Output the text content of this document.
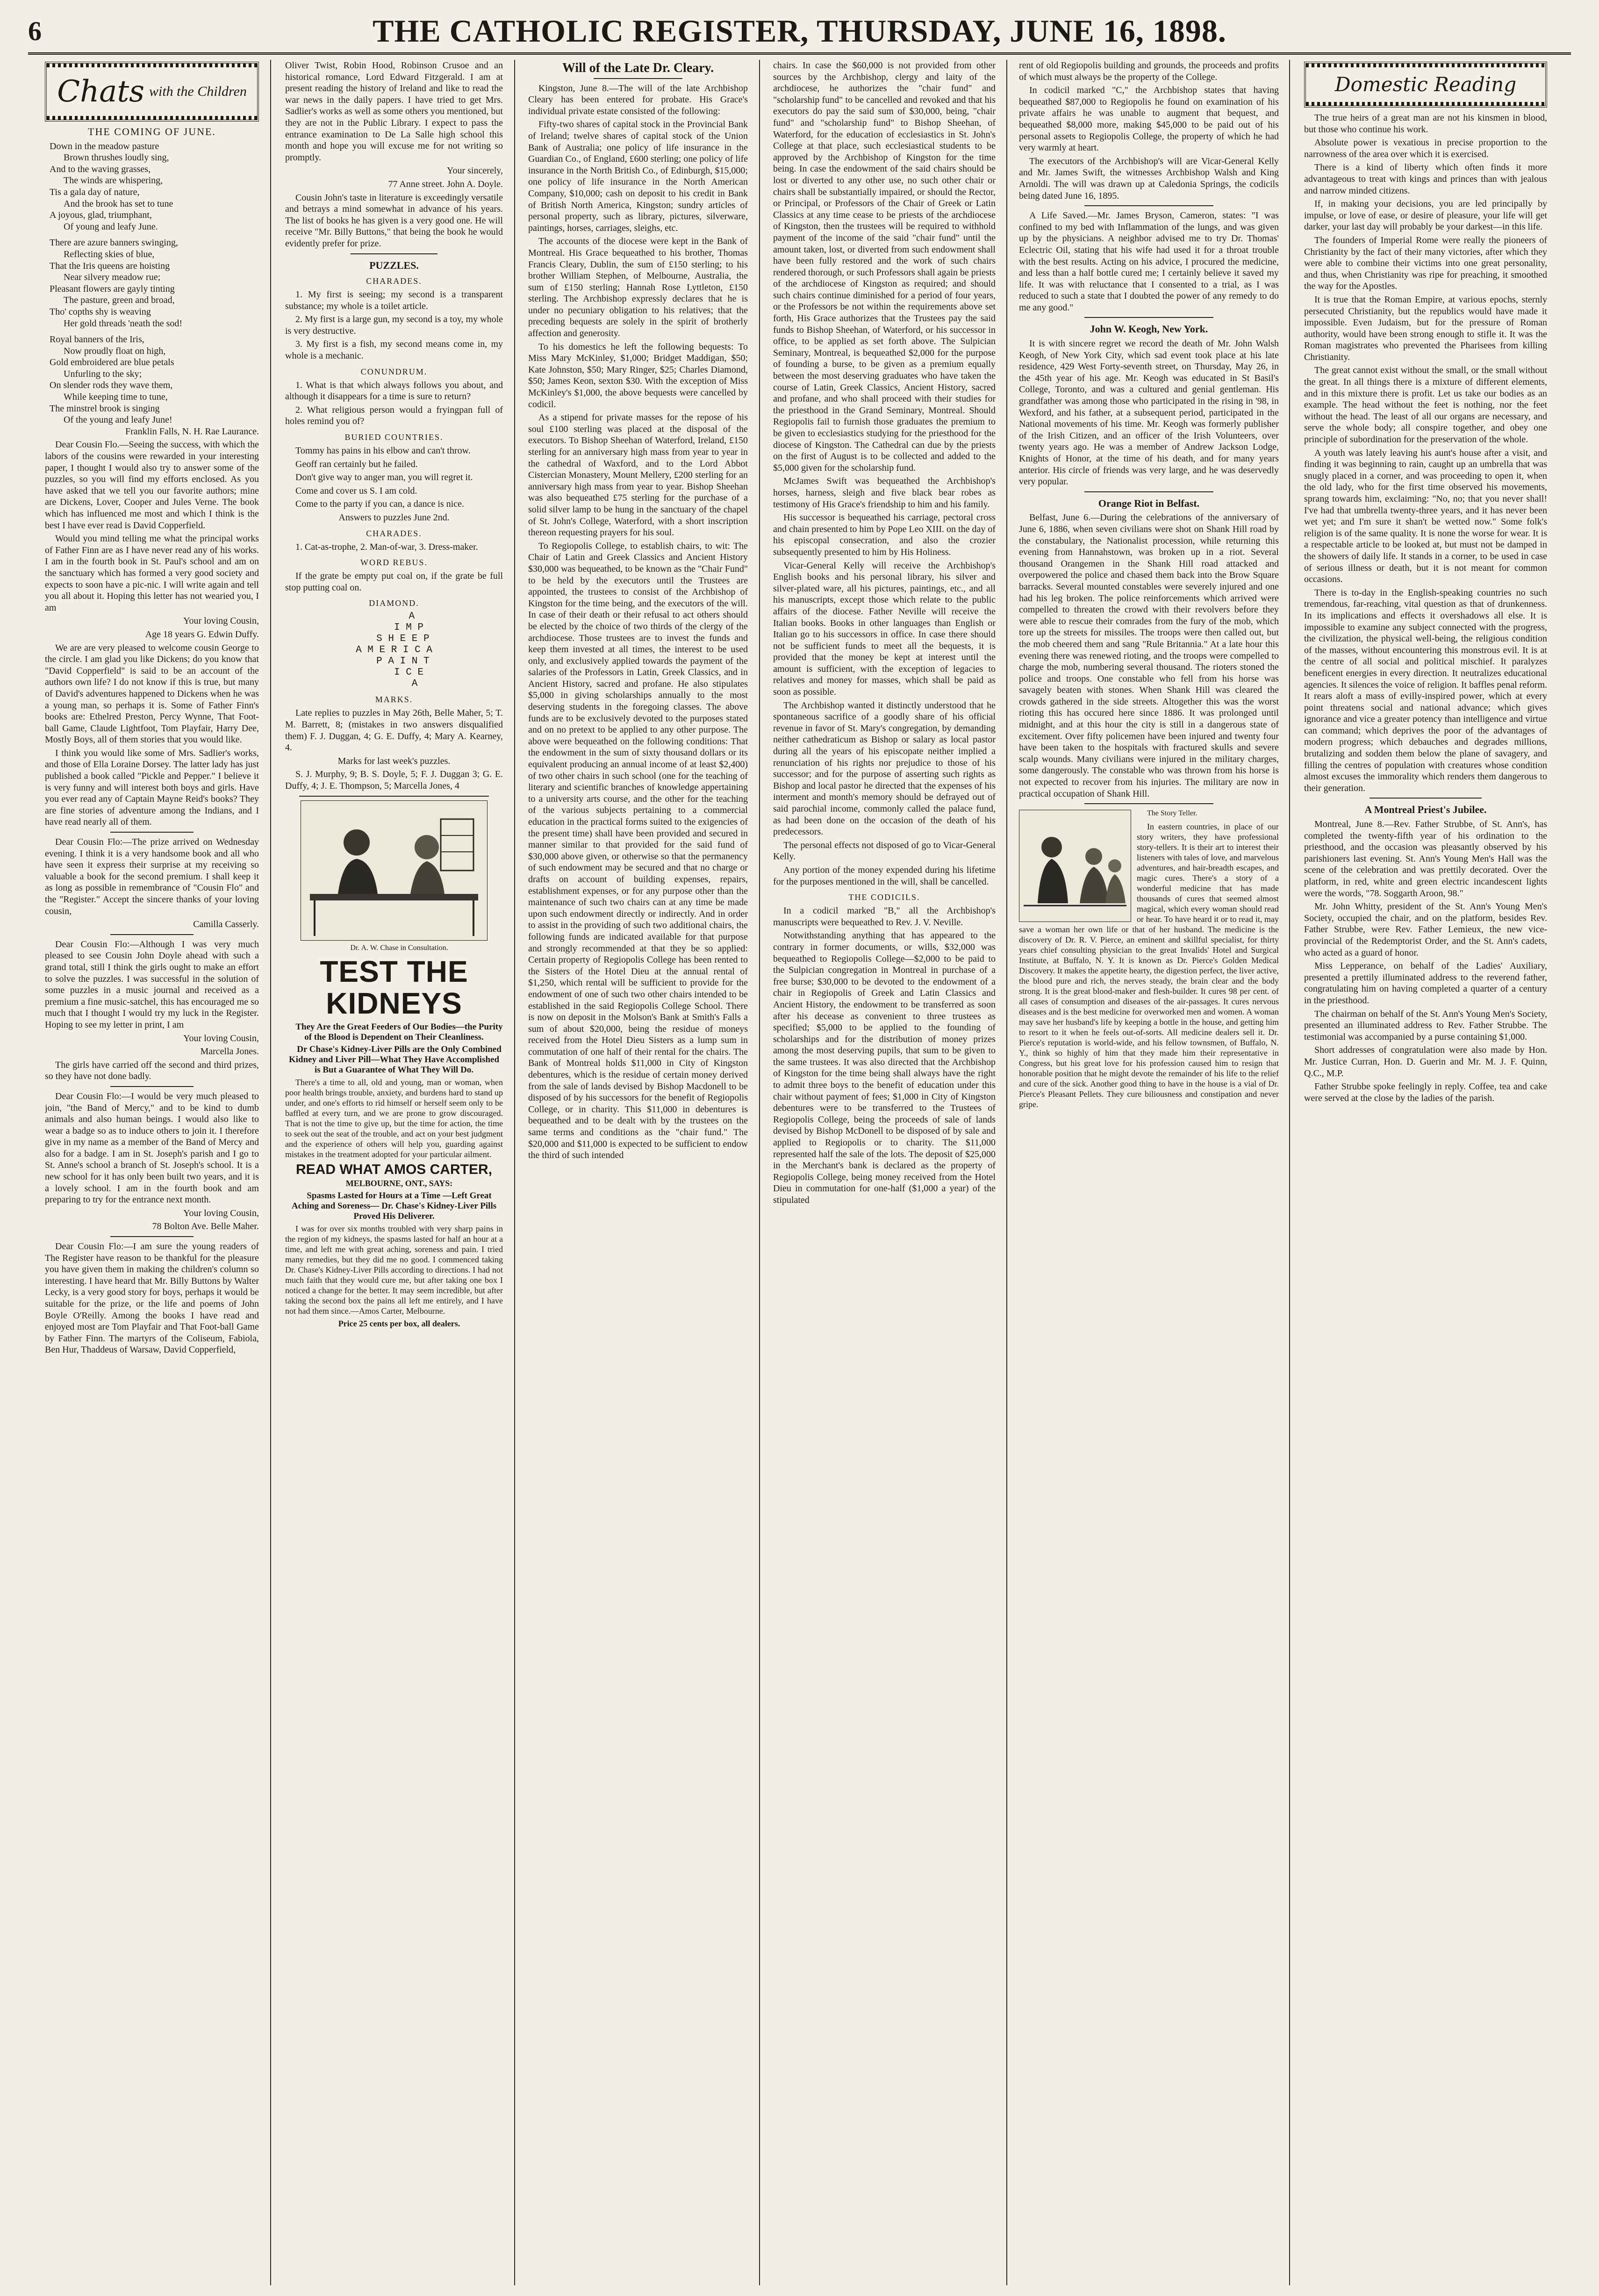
6	THE CATHOLIC REGISTER, THURSDAY, JUNE 16, 1898.
Chats with the Children
THE COMING OF JUNE.
Down in the meadow pasture
Brown thrushes loudly sing,
And to the waving grasses,
The winds are whispering,
Tis a gala day of nature,
And the brook has set to tune
A joyous, glad, triumphant,
Of young and leafy June.
There are azure banners swinging,
Reflecting skies of blue,
That the Iris queens are hoisting
Near silvery meadow rue;
Pleasant flowers are gayly tinting
The pasture, green and broad,
Tho' copths shy is weaving
Her gold threads 'neath the sod!
Royal banners of the Iris,
Now proudly float on high,
Gold embroidered are blue petals
Unfurling to the sky;
On slender rods they wave them,
While keeping time to tune,
The minstrel brook is singing
Of the young and leafy June!

Franklin Falls, N. H. Rae Laurance.

Dear Cousin Flo.—Seeing the success, with which the labors of the cousins were rewarded in your interesting paper, I thought I would also try to answer some of the puzzles, so you will find my efforts enclosed. As you have asked that we tell you our favorite authors; mine are Dickens, Lover, Cooper and Jules Verne. The book which has influenced me most and which I think is the best I have ever read is David Copperfield.

Would you mind telling me what the principal works of Father Finn are as I have never read any of his works. I am in the fourth book in St. Paul's school and am on the sanctuary which has formed a very good society and expects to soon have a pic-nic. I will write again and tell you all about it. Hoping this letter has not wearied you, I am

Your loving Cousin,

Age 18 years G. Edwin Duffy.

We are are very pleased to welcome cousin George to the circle. I am glad you like Dickens; do you know that "David Copperfield" is said to be an account of the authors own life? I do not know if this is true, but many of David's adventures happened to Dickens when he was a young man, so perhaps it is. Some of Father Finn's books are: Ethelred Preston, Percy Wynne, That Foot-ball Game, Claude Lightfoot, Tom Playfair, Harry Dee, Mostly Boys, all of them stories that you would like.

I think you would like some of Mrs. Sadlier's works, and those of Ella Loraine Dorsey. The latter lady has just published a book called "Pickle and Pepper." I believe it is very funny and will interest both boys and girls. Have you ever read any of Captain Mayne Reid's books? They are fine stories of adventure among the Indians, and I have read nearly all of them.

Dear Cousin Flo:—The prize arrived on Wednesday evening. I think it is a very handsome book and all who have seen it express their surprise at my receiving so valuable a book for the second premium. I shall keep it as long as possible in remembrance of "Cousin Flo" and the "Register." Accept the sincere thanks of your loving cousin,

Camilla Casserly.

Dear Cousin Flo:—Although I was very much pleased to see Cousin John Doyle ahead with such a grand total, still I think the girls ought to make an effort to solve the puzzles. I was successful in the solution of some puzzles in a music journal and received as a premium a fine music-satchel, this has encouraged me so much that I thought I would try my luck in the Register. Hoping to see my letter in print, I am

Your loving Cousin,

Marcella Jones.

The girls have carried off the second and third prizes, so they have not done badly.

Dear Cousin Flo:—I would be very much pleased to join, "the Band of Mercy," and to be kind to dumb animals and also human beings. I would also like to wear a badge so as to induce others to join it. I therefore give in my name as a member of the Band of Mercy and also for a badge. I am in St. Joseph's parish and I go to St. Anne's school a branch of St. Joseph's school. It is a new school for it has only been built two years, and it is a lovely school. I am in the fourth book and am preparing to try for the entrance next month.

Your loving Cousin,

78 Bolton Ave. Belle Maher.

Dear Cousin Flo:—I am sure the young readers of The Register have reason to be thankful for the pleasure you have given them in making the children's column so interesting. I have heard that Mr. Billy Buttons by Walter Lecky, is a very good story for boys, perhaps it would be suitable for the prize, or the life and poems of John Boyle O'Reilly. Among the books I have read and enjoyed most are Tom Playfair and That Foot-ball Game by Father Finn. The martyrs of the Coliseum, Fabiola, Ben Hur, Thaddeus of Warsaw, David Copperfield,

Oliver Twist, Robin Hood, Robinson Crusoe and an historical romance, Lord Edward Fitzgerald. I am at present reading the history of Ireland and like to read the war news in the daily papers. I have tried to get Mrs. Sadlier's works as well as some others you mentioned, but they are not in the Public Library. I expect to pass the entrance examination to De La Salle high school this month and hope you will excuse me for not writing so promptly.

Your sincerely,

77 Anne street. John A. Doyle.

Cousin John's taste in literature is exceedingly versatile and betrays a mind somewhat in advance of his years. The list of books he has given is a very good one. He will receive "Mr. Billy Buttons," that being the book he would evidently prefer for prize.

PUZZLES.
CHARADES.

1. My first is seeing; my second is a transparent substance; my whole is a toilet article.

2. My first is a large gun, my second is a toy, my whole is very destructive.

3. My first is a fish, my second means come in, my whole is a mechanic.

CONUNDRUM.

1. What is that which always follows you about, and although it disappears for a time is sure to return?

2. What religious person would a fryingpan full of holes remind you of?

BURIED COUNTRIES.

Tommy has pains in his elbow and can't throw.

Geoff ran certainly but he failed.

Don't give way to anger man, you will regret it.

Come and cover us S. I am cold.

Come to the party if you can, a dance is nice.

Answers to puzzles June 2nd.

CHARADES.

1. Cat-as-trophe, 2. Man-of-war, 3. Dress-maker.

WORD REBUS.

If the grate be empty put coal on, if the grate be full stop putting coal on.

DIAMOND.
A
I M P
S H E E P
A M E R I C A
P A I N T
I C E
A
MARKS.

Late replies to puzzles in May 26th, Belle Maher, 5; T. M. Barrett, 8; (mistakes in two answers disqualified them) F. J. Duggan, 4; G. E. Duffy, 4; Mary A. Kearney, 4.

Marks for last week's puzzles.

S. J. Murphy, 9; B. S. Doyle, 5; F. J. Duggan 3; G. E. Duffy, 4; J. E. Thompson, 5; Marcella Jones, 4

Dr. A. W. Chase in Consultation.

TEST THE KIDNEYS

They Are the Great Feeders of Our Bodies—the Purity of the Blood is Dependent on Their Cleanliness.

Dr Chase's Kidney-Liver Pills are the Only Combined Kidney and Liver Pill—What They Have Accomplished is But a Guarantee of What They Will Do.

There's a time to all, old and young, man or woman, when poor health brings trouble, anxiety, and burdens hard to stand up under, and one's efforts to rid himself or herself seem only to be baffled at every turn, and we are prone to grow discouraged. That is not the time to give up, but the time for action, the time to seek out the seat of the trouble, and act on your best judgment and the experience of others will help you, guarding against mistakes in the treatment adopted for your particular ailment.

READ WHAT AMOS CARTER,

MELBOURNE, ONT., SAYS:

Spasms Lasted for Hours at a Time —Left Great Aching and Soreness— Dr. Chase's Kidney-Liver Pills Proved His Deliverer.

I was for over six months troubled with very sharp pains in the region of my kidneys, the spasms lasted for half an hour at a time, and left me with great aching, soreness and pain. I tried many remedies, but they did me no good. I commenced taking Dr. Chase's Kidney-Liver Pills according to directions. I had not much faith that they would cure me, but after taking one box I noticed a change for the better. It may seem incredible, but after taking the second box the pains all left me entirely, and I have not had them since.—Amos Carter, Melbourne.

Price 25 cents per box, all dealers.

Will of the Late Dr. Cleary.

Kingston, June 8.—The will of the late Archbishop Cleary has been entered for probate. His Grace's individual private estate consisted of the following:

Fifty-two shares of capital stock in the Provincial Bank of Ireland; twelve shares of capital stock of the Union Bank of Australia; one policy of life insurance in the Guardian Co., of England, £600 sterling; one policy of life insurance in the North British Co., of Edinburgh, $15,000; one policy of life insurance in the North American Company, $10,000; cash on deposit to his credit in Bank of British North America, Kingston; sundry articles of personal property, such as library, pictures, silverware, paintings, horses, carriages, sleighs, etc.

The accounts of the diocese were kept in the Bank of Montreal. His Grace bequeathed to his brother, Thomas Francis Cleary, Dublin, the sum of £150 sterling; to his brother William Stephen, of Melbourne, Australia, the sum of £150 sterling; Hannah Rose Lyttleton, £150 sterling. The Archbishop expressly declares that he is under no pecuniary obligation to his relatives; that the preceding bequests are solely in the spirit of brotherly affection and generosity.

To his domestics he left the following bequests: To Miss Mary McKinley, $1,000; Bridget Maddigan, $50; Kate Johnston, $50; Mary Ringer, $25; Charles Diamond, $50; James Keon, sexton $30. With the exception of Miss McKinley's $1,000, the above bequests were cancelled by codicil.

As a stipend for private masses for the repose of his soul £100 sterling was placed at the disposal of the executors. To Bishop Sheehan of Waterford, Ireland, £150 sterling for an anniversary high mass from year to year in the cathedral of Waxford, and to the Lord Abbot Cistercian Monastery, Mount Mellery, £200 sterling for an anniversary high mass from year to year. Bishop Sheehan was also bequeathed £75 sterling for the purchase of a solid silver lamp to be hung in the sanctuary of the chapel of St. John's College, Waterford, with a short inscription thereon requesting prayers for his soul.

To Regiopolis College, to establish chairs, to wit: The Chair of Latin and Greek Classics and Ancient History $30,000 was bequeathed, to be known as the "Chair Fund" to be held by the executors until the Trustees are appointed, the trustees to consist of the Archbishop of Kingston for the time being, and the executors of the will. In case of their death or their refusal to act others should be elected by the choice of two thirds of the clergy of the archdiocese. Those trustees are to invest the funds and keep them invested at all times, the interest to be used only, and exclusively applied towards the payment of the salaries of the Professors in Latin, Greek Classics, and in Ancient History, sacred and profane. He also stipulates $5,000 in giving scholarships annually to the most deserving students in the foregoing classes. The above funds are to be exclusively devoted to the purposes stated and on no pretext to be applied to any other purpose. The above were bequeathed on the following conditions: That the endowment in the sum of sixty thousand dollars or its equivalent producing an annual income of at least $2,400) of two other chairs in such school (one for the teaching of literary and scientific branches of knowledge appertaining to a university arts course, and the other for the teaching of the various subjects pertaining to a commercial education in the practical forms suited to the exigencies of the present time) shall have been provided and secured in manner similar to that provided for the said fund of $30,000 above given, or otherwise so that the permanency of such endowment may be secured and that no charge or drafts on account of building expenses, repairs, establishment expenses, or for any purpose other than the maintenance of such two chairs can at any time be made upon such endowment directly or indirectly. And in order to assist in the providing of such two additional chairs, the following funds are indicated available for that purpose and strongly recommended at that they be so applied: Certain property of Regiopolis College has been rented to the Sisters of the Hotel Dieu at the annual rental of $1,250, which rental will be sufficient to provide for the endowment of one of such two other chairs intended to be established in the said Regiopolis College School. There is now on deposit in the Molson's Bank at Smith's Falls a sum of about $20,000, being the residue of moneys received from the Hotel Dieu Sisters as a lump sum in commutation of one half of their rental for the chairs. The Bank of Montreal holds $11,000 in City of Kingston debentures, which is the residue of certain money derived from the sale of lands devised by Bishop Macdonell to be disposed of by his successors for the benefit of Regiopolis College, or in charity. This $11,000 in debentures is bequeathed and to be dealt with by the trustees on the same terms and conditions as the "chair fund." The $20,000 and $11,000 is expected to be sufficient to endow the third of such intended

chairs. In case the $60,000 is not provided from other sources by the Archbishop, clergy and laity of the archdiocese, he authorizes the "chair fund" and "scholarship fund" to be cancelled and revoked and that his executors do pay the said sum of $30,000, being, "chair fund" and "scholarship fund" to Bishop Sheehan, of Waterford, for the education of ecclesiastics in St. John's College at that place, such ecclesiastical students to be approved by the Archbishop of Kingston for the time being. In case the endowment of the said chairs should be lost or diverted to any other use, no such other chair or chairs shall be substantially impaired, or should the Rector, or Principal, or Professors of the Chair of Greek or Latin Classics at any time cease to be priests of the archdiocese of Kingston, then the trustees will be required to withhold payment of the income of the said "chair fund" until the amount taken, lost, or diverted from such endowment shall have been fully restored and the work of such chairs rendered thorough, or such Professors shall again be priests of the archdiocese of Kingston as required; and should such chairs continue diminished for a period of four years, or the Professors be not within the requirements above set forth, His Grace authorizes that the Trustees pay the said funds to Bishop Sheehan, of Waterford, or his successor in office, to be applied as set forth above. The Sulpician Seminary, Montreal, is bequeathed $2,000 for the purpose of founding a burse, to be given as a premium equally between the most deserving graduates who have taken the course of Latin, Greek Classics, Ancient History, sacred and profane, and who shall proceed with their studies for the priesthood in the Grand Seminary, Montreal. Should Regiopolis fail to furnish those graduates the premium to be given to ecclesiastics studying for the priesthood for the diocese of Kingston. The Cathedral can due by the priests on the first of August is to be collected and added to the $5,000 given for the scholarship fund.

McJames Swift was bequeathed the Archbishop's horses, harness, sleigh and five black bear robes as testimony of His Grace's friendship to him and his family.

His successor is bequeathed his carriage, pectoral cross and chain presented to him by Pope Leo XIII. on the day of his episcopal consecration, and also the crozier subsequently presented to him by His Holiness.

Vicar-General Kelly will receive the Archbishop's English books and his personal library, his silver and silver-plated ware, all his pictures, paintings, etc., and all his manuscripts, except those which relate to the public affairs of the diocese. Father Neville will receive the Italian books. Books in other languages than English or Italian go to his successors in office. In case there should not be sufficient funds to meet all the bequests, it is provided that the money be kept at interest until the amount is sufficient, with the exception of legacies to relatives and money for masses, which shall be paid as soon as possible.

The Archbishop wanted it distinctly understood that he spontaneous sacrifice of a goodly share of his official revenue in favor of St. Mary's congregation, by demanding neither cathedraticum as Bishop or salary as local pastor during all the years of his episcopate neither implied a renunciation of his rights nor prejudice to those of his successor; and for the purpose of asserting such rights as Bishop and local pastor he directed that the expenses of his interment and month's memory should be defrayed out of said parochial income, commonly called the palace fund, as had been done on the occasion of the death of his predecessors.

The personal effects not disposed of go to Vicar-General Kelly.

Any portion of the money expended during his lifetime for the purposes mentioned in the will, shall be cancelled.

THE CODICILS.

In a codicil marked "B," all the Archbishop's manuscripts were bequeathed to Rev. J. V. Neville.

Notwithstanding anything that has appeared to the contrary in former documents, or wills, $32,000 was bequeathed to Regiopolis College—$2,000 to be paid to the Sulpician congregation in Montreal in purchase of a free burse; $30,000 to be devoted to the endowment of a chair in Regiopolis of Greek and Latin Classics and Ancient History, the endowment to be transferred as soon after his decease as convenient to three trustees as specified; $5,000 to be applied to the founding of scholarships and for the distribution of money prizes among the most deserving pupils, that sum to be given to the same trustees. It was also directed that the Archbishop of Kingston for the time being shall always have the right to admit three boys to the benefit of education under this chair without payment of fees; $1,000 in City of Kingston debentures were to be transferred to the Trustees of Regiopolis College, being the proceeds of sale of lands devised by Bishop McDonell to be disposed of by sale and applied to Regiopolis or to charity. The $11,000 represented half the sale of the lots. The deposit of $25,000 in the Merchant's bank is declared as the property of Regiopolis College, being money received from the Hotel Dieu in commutation for one-half ($1,000 a year) of the stipulated

rent of old Regiopolis building and grounds, the proceeds and profits of which must always be the property of the College.

In codicil marked "C," the Archbishop states that having bequeathed $87,000 to Regiopolis he found on examination of his private affairs he was unable to augment that bequest, and bequeathed $8,000 more, making $45,000 to be paid out of his personal assets to Regiopolis College, the property of which he had very warmly at heart.

The executors of the Archbishop's will are Vicar-General Kelly and Mr. James Swift, the witnesses Archbishop Walsh and King Arnoldi. The will was drawn up at Caledonia Springs, the codicils being dated June 16, 1895.

A Life Saved.—Mr. James Bryson, Cameron, states: "I was confined to my bed with Inflammation of the lungs, and was given up by the physicians. A neighbor advised me to try Dr. Thomas' Eclectric Oil, stating that his wife had used it for a throat trouble with the best results. Acting on his advice, I procured the medicine, and less than a half bottle cured me; I certainly believe it saved my life. It was with reluctance that I consented to a trial, as I was reduced to such a state that I doubted the power of any remedy to do me any good."

John W. Keogh, New York.

It is with sincere regret we record the death of Mr. John Walsh Keogh, of New York City, which sad event took place at his late residence, 429 West Forty-seventh street, on Thursday, May 26, in the 45th year of his age. Mr. Keogh was educated in St Basil's College, Toronto, and was a cultured and genial gentleman. His grandfather was among those who participated in the rising in '98, in Wexford, and his father, at a subsequent period, participated in the National movements of his time. Mr. Keogh was formerly publisher of the Irish Citizen, and an officer of the Irish Volunteers, over twenty years ago. He was a member of Andrew Jackson Lodge, Knights of Honor, at the time of his death, and for many years anterior. His circle of friends was very large, and he was deservedly very popular.

Orange Riot in Belfast.

Belfast, June 6.—During the celebrations of the anniversary of June 6, 1886, when seven civilians were shot on Shank Hill road by the constabulary, the Nationalist procession, while returning this evening from Hannahstown, was broken up in a riot. Several thousand Orangemen in the Shank Hill road attacked and overpowered the police and chased them back into the Brow Square barracks. Several mounted constables were severely injured and one had his leg broken. The police reinforcements which arrived were compelled to threaten the crowd with their revolvers before they were able to rescue their comrades from the fury of the mob, which tore up the streets for missiles. The troops were then called out, but the mob cheered them and sang "Rule Britannia." At a late hour this evening there was renewed rioting, and the troops were compelled to charge the mob, numbering several thousand. The rioters stoned the police and troops. One constable who fell from his horse was savagely beaten with stones. When Shank Hill was cleared the crowds gathered in the side streets. Altogether this was the worst rioting this has occured here since 1886. It was prolonged until midnight, and at this hour the city is still in a dangerous state of excitement. Over fifty policemen have been injured and twenty four have been taken to the hospitals with fractured skulls and severe scalp wounds. Many civilians were injured in the military charges, some dangerously. The constable who was thrown from his horse is not expected to recover from his injuries. The military are now in practical occupation of Shank Hill.

The Story Teller.

In eastern countries, in place of our story writers, they have professional story-tellers. It is their art to interest their listeners with tales of love, and marvelous adventures, and hair-breadth escapes, and magic cures. There's a story of a wonderful medicine that has made thousands of cures that seemed almost magical, which every woman should read or hear. To have heard it or to read it, may save a woman her own life or that of her husband. The medicine is the discovery of Dr. R. V. Pierce, an eminent and skillful specialist, for thirty years chief consulting physician to the great Invalids' Hotel and Surgical Institute, at Buffalo, N. Y. It is known as Dr. Pierce's Golden Medical Discovery. It makes the appetite hearty, the digestion perfect, the liver active, the blood pure and rich, the nerves steady, the brain clear and the body strong. It is the great blood-maker and flesh-builder. It cures 98 per cent. of all cases of consumption and diseases of the air-passages. It cures nervous diseases and is the best medicine for overworked men and women. A woman may save her husband's life by keeping a bottle in the house, and getting him to resort to it when he feels out-of-sorts. All medicine dealers sell it. Dr. Pierce's reputation is world-wide, and his fellow townsmen, of Buffalo, N. Y., think so highly of him that they made him their representative in Congress, but his great love for his profession caused him to resign that honorable position that he might devote the remainder of his life to the relief and cure of the sick. Another good thing to have in the house is a vial of Dr. Pierce's Pleasant Pellets. They cure biliousness and constipation and never gripe.

Domestic Reading

The true heirs of a great man are not his kinsmen in blood, but those who continue his work.

Absolute power is vexatious in precise proportion to the narrowness of the area over which it is exercised.

There is a kind of liberty which often finds it more advantageous to treat with kings and princes than with jealous and narrow minded citizens.

If, in making your decisions, you are led principally by impulse, or love of ease, or desire of pleasure, your life will get darker, your last day will probably be your darkest—in this life.

The founders of Imperial Rome were really the pioneers of Christianity by the fact of their many victories, after which they were able to combine their victims into one great personality, and thus, when Christianity was ripe for preaching, it smoothed the way for the Apostles.

It is true that the Roman Empire, at various epochs, sternly persecuted Christianity, but the republics would have made it impossible. Even Judaism, but for the pressure of Roman authority, would have been strong enough to stifle it. It was the Roman magistrates who prevented the Pharisees from killing Christianity.

The great cannot exist without the small, or the small without the great. In all things there is a mixture of different elements, and in this mixture there is profit. Let us take our bodies as an example. The head without the feet is nothing, nor the feet without the head. The least of all our organs are necessary, and serve the whole body; all conspire together, and obey one principle of subordination for the preservation of the whole.

A youth was lately leaving his aunt's house after a visit, and finding it was beginning to rain, caught up an umbrella that was snugly placed in a corner, and was proceeding to open it, when the old lady, who for the first time observed his movements, sprang towards him, exclaiming: "No, no; that you never shall! I've had that umbrella twenty-three years, and it has never been wet yet; and I'm sure it shan't be wetted now." Some folk's religion is of the same quality. It is none the worse for wear. It is a respectable article to be looked at, but must not be damped in the showers of daily life. It stands in a corner, to be used in case of serious illness or death, but it is not meant for common occasions.

There is to-day in the English-speaking countries no such tremendous, far-reaching, vital question as that of drunkenness. In its implications and effects it overshadows all else. It is impossible to examine any subject connected with the progress, the civilization, the physical well-being, the religious condition of the masses, without encountering this monstrous evil. It is at the centre of all social and political mischief. It paralyzes beneficent energies in every direction. It neutralizes educational agencies. It silences the voice of religion. It baffles penal reform. It rears aloft a mass of evilly-inspired power, which at every point threatens social and national advance; which gives ignorance and vice a greater potency than intelligence and virtue can command; which deprives the poor of the advantages of modern progress; which debauches and degrades millions, brutalizing and sodden them below the plane of savagery, and filling the centres of population with creatures whose condition almost excuses the immorality which renders them dangerous to their generation.

A Montreal Priest's Jubilee.

Montreal, June 8.—Rev. Father Strubbe, of St. Ann's, has completed the twenty-fifth year of his ordination to the priesthood, and the occasion was pleasantly observed by his parishioners last evening. St. Ann's Young Men's Hall was the scene of the celebration and was prettily decorated. Over the platform, in red, white and green electric incandescent lights were the words, "78. Soggarth Aroon, 98."

Mr. John Whitty, president of the St. Ann's Young Men's Society, occupied the chair, and on the platform, besides Rev. Father Strubbe, were Rev. Father Lemieux, the new vice-provincial of the Redemptorist Order, and the St. Ann's cadets, who acted as a guard of honor.

Miss Lepperance, on behalf of the Ladies' Auxiliary, presented a prettily illuminated address to the reverend father, congratulating him on having completed a quarter of a century in the priesthood.

The chairman on behalf of the St. Ann's Young Men's Society, presented an illuminated address to Rev. Father Strubbe. The testimonial was accompanied by a purse containing $1,000.

Short addresses of congratulation were also made by Hon. Mr. Justice Curran, Hon. D. Guerin and Mr. M. J. F. Quinn, Q.C., M.P.

Father Strubbe spoke feelingly in reply. Coffee, tea and cake were served at the close by the ladies of the parish.
